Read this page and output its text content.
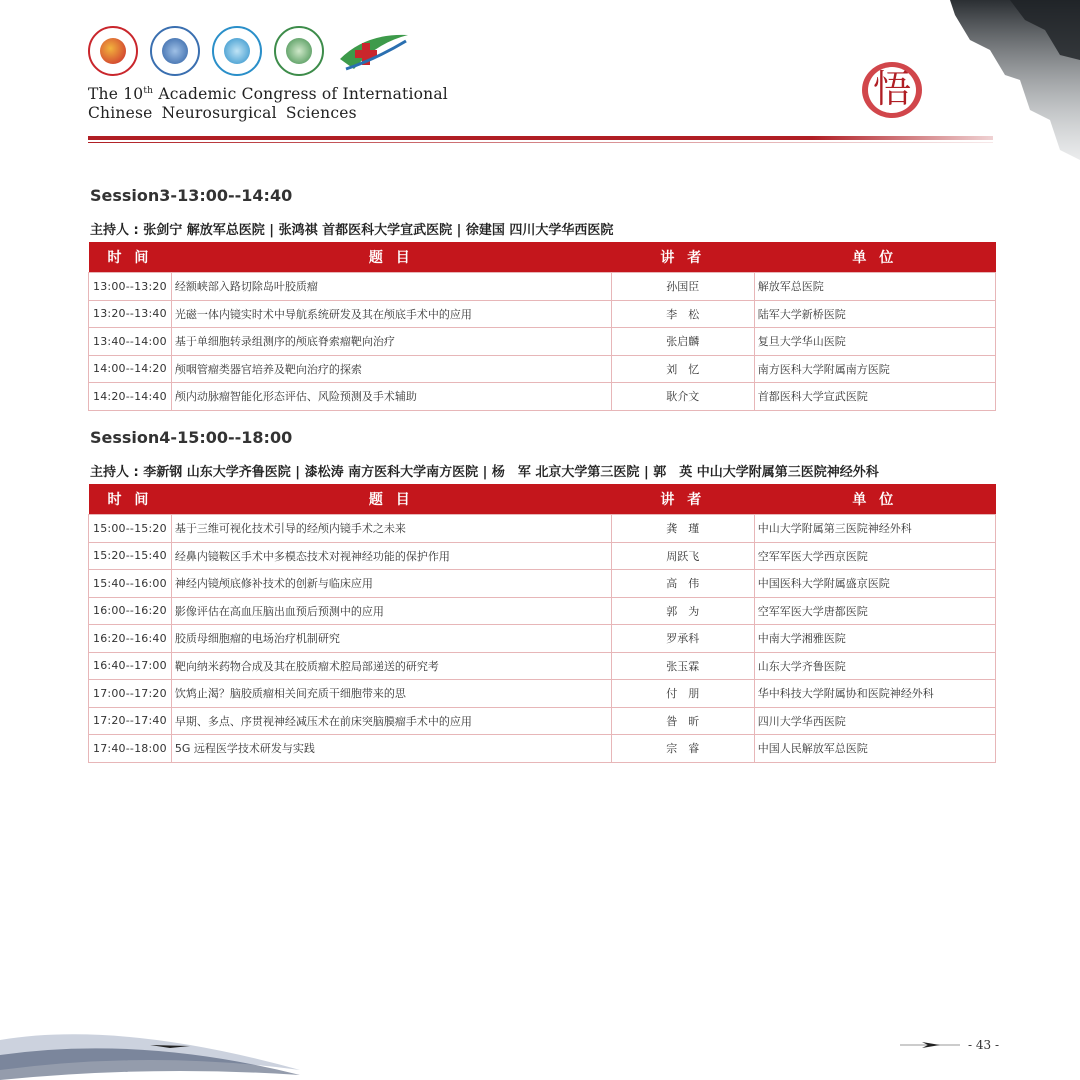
悟
The 10th Academic Congress of International
Chinese Neurosurgical Sciences
Session3-13:00--14:40
主持人 : 张剑宁 解放军总医院 | 张鸿祺 首都医科大学宣武医院 | 徐建国 四川大学华西医院
时 间	题 目	讲 者	单 位
13:00--13:20	经额峡部入路切除岛叶胶质瘤	孙国臣	解放军总医院
13:20--13:40	光磁一体内镜实时术中导航系统研发及其在颅底手术中的应用	李　松	陆军大学新桥医院
13:40--14:00	基于单细胞转录组测序的颅底脊索瘤靶向治疗	张启麟	复旦大学华山医院
14:00--14:20	颅咽管瘤类器官培养及靶向治疗的探索	刘　忆	南方医科大学附属南方医院
14:20--14:40	颅内动脉瘤智能化形态评估、风险预测及手术辅助	耿介文	首都医科大学宣武医院
Session4-15:00--18:00
主持人 : 李新钢 山东大学齐鲁医院 | 漆松涛 南方医科大学南方医院 | 杨　军 北京大学第三医院 | 郭　英 中山大学附属第三医院神经外科
时 间	题 目	讲 者	单 位
15:00--15:20	基于三维可视化技术引导的经颅内镜手术之未来	龚　瑾	中山大学附属第三医院神经外科
15:20--15:40	经鼻内镜鞍区手术中多模态技术对视神经功能的保护作用	周跃飞	空军军医大学西京医院
15:40--16:00	神经内镜颅底修补技术的创新与临床应用	高　伟	中国医科大学附属盛京医院
16:00--16:20	影像评估在高血压脑出血预后预测中的应用	郭　为	空军军医大学唐都医院
16:20--16:40	胶质母细胞瘤的电场治疗机制研究	罗承科	中南大学湘雅医院
16:40--17:00	靶向纳米药物合成及其在胶质瘤术腔局部递送的研究考	张玉霖	山东大学齐鲁医院
17:00--17:20	饮鸩止渴？脑胶质瘤相关间充质干细胞带来的思	付　朋	华中科技大学附属协和医院神经外科
17:20--17:40	早期、多点、序贯视神经减压术在前床突脑膜瘤手术中的应用	昝　昕	四川大学华西医院
17:40--18:00	5G 远程医学技术研发与实践	宗　睿	中国人民解放军总医院
- 43 -
